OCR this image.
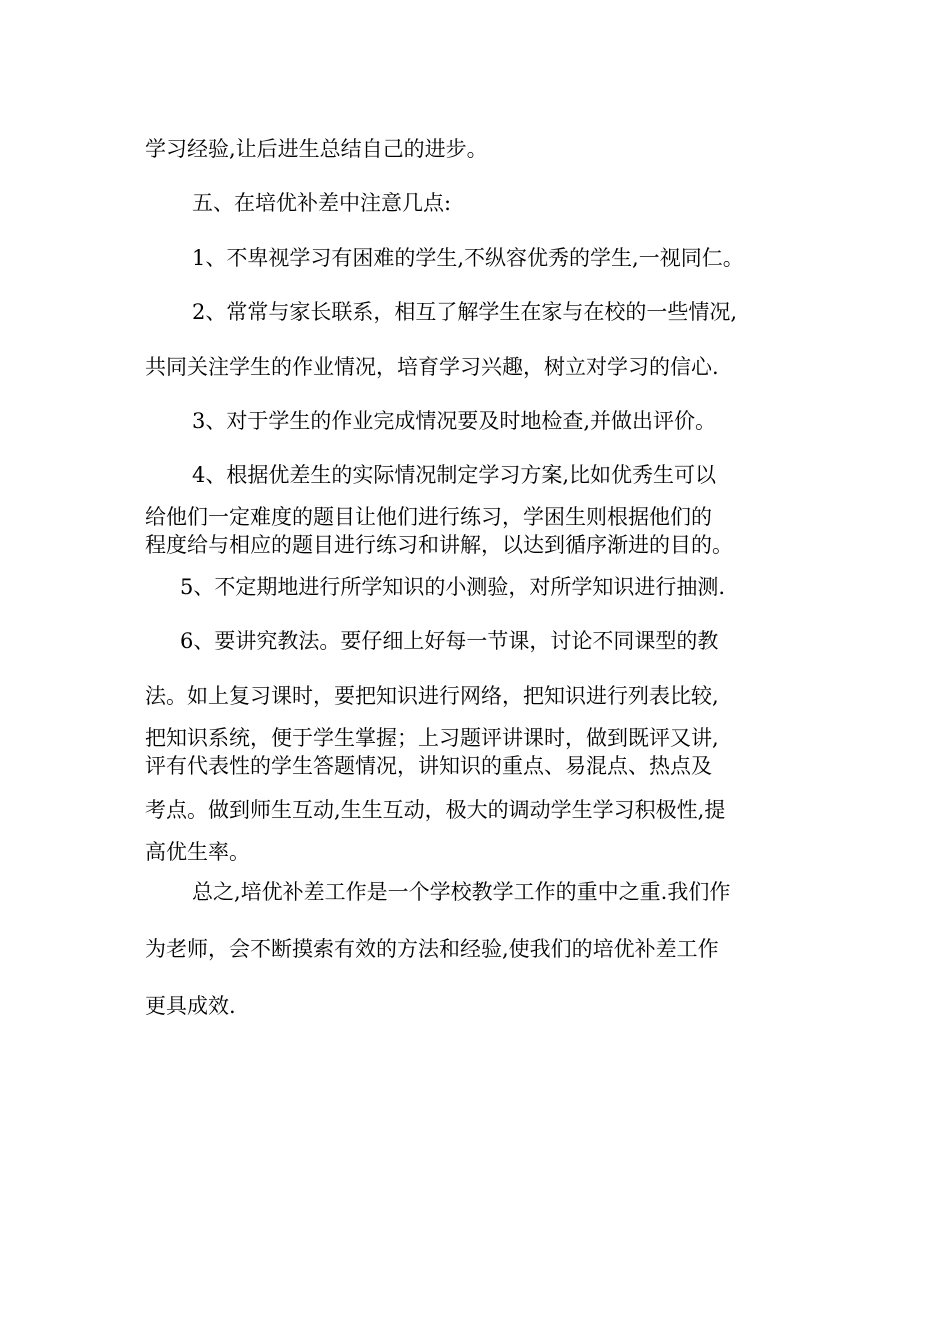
学习经验,让后进生总结自己的进步。
五、在培优补差中注意几点:
1、不卑视学习有困难的学生,不纵容优秀的学生,一视同仁。
2、常常与家长联系，相互了解学生在家与在校的一些情况,
共同关注学生的作业情况，培育学习兴趣，树立对学习的信心.
3、对于学生的作业完成情况要及时地检查,并做出评价。
4、根据优差生的实际情况制定学习方案,比如优秀生可以
给他们一定难度的题目让他们进行练习，学困生则根据他们的
程度给与相应的题目进行练习和讲解，以达到循序渐进的目的。
5、不定期地进行所学知识的小测验，对所学知识进行抽测.
6、要讲究教法。要仔细上好每一节课，讨论不同课型的教
法。如上复习课时，要把知识进行网络，把知识进行列表比较,
把知识系统，便于学生掌握；上习题评讲课时，做到既评又讲,
评有代表性的学生答题情况，讲知识的重点、易混点、热点及
考点。做到师生互动,生生互动，极大的调动学生学习积极性,提
高优生率。
总之,培优补差工作是一个学校教学工作的重中之重.我们作
为老师，会不断摸索有效的方法和经验,使我们的培优补差工作
更具成效.
